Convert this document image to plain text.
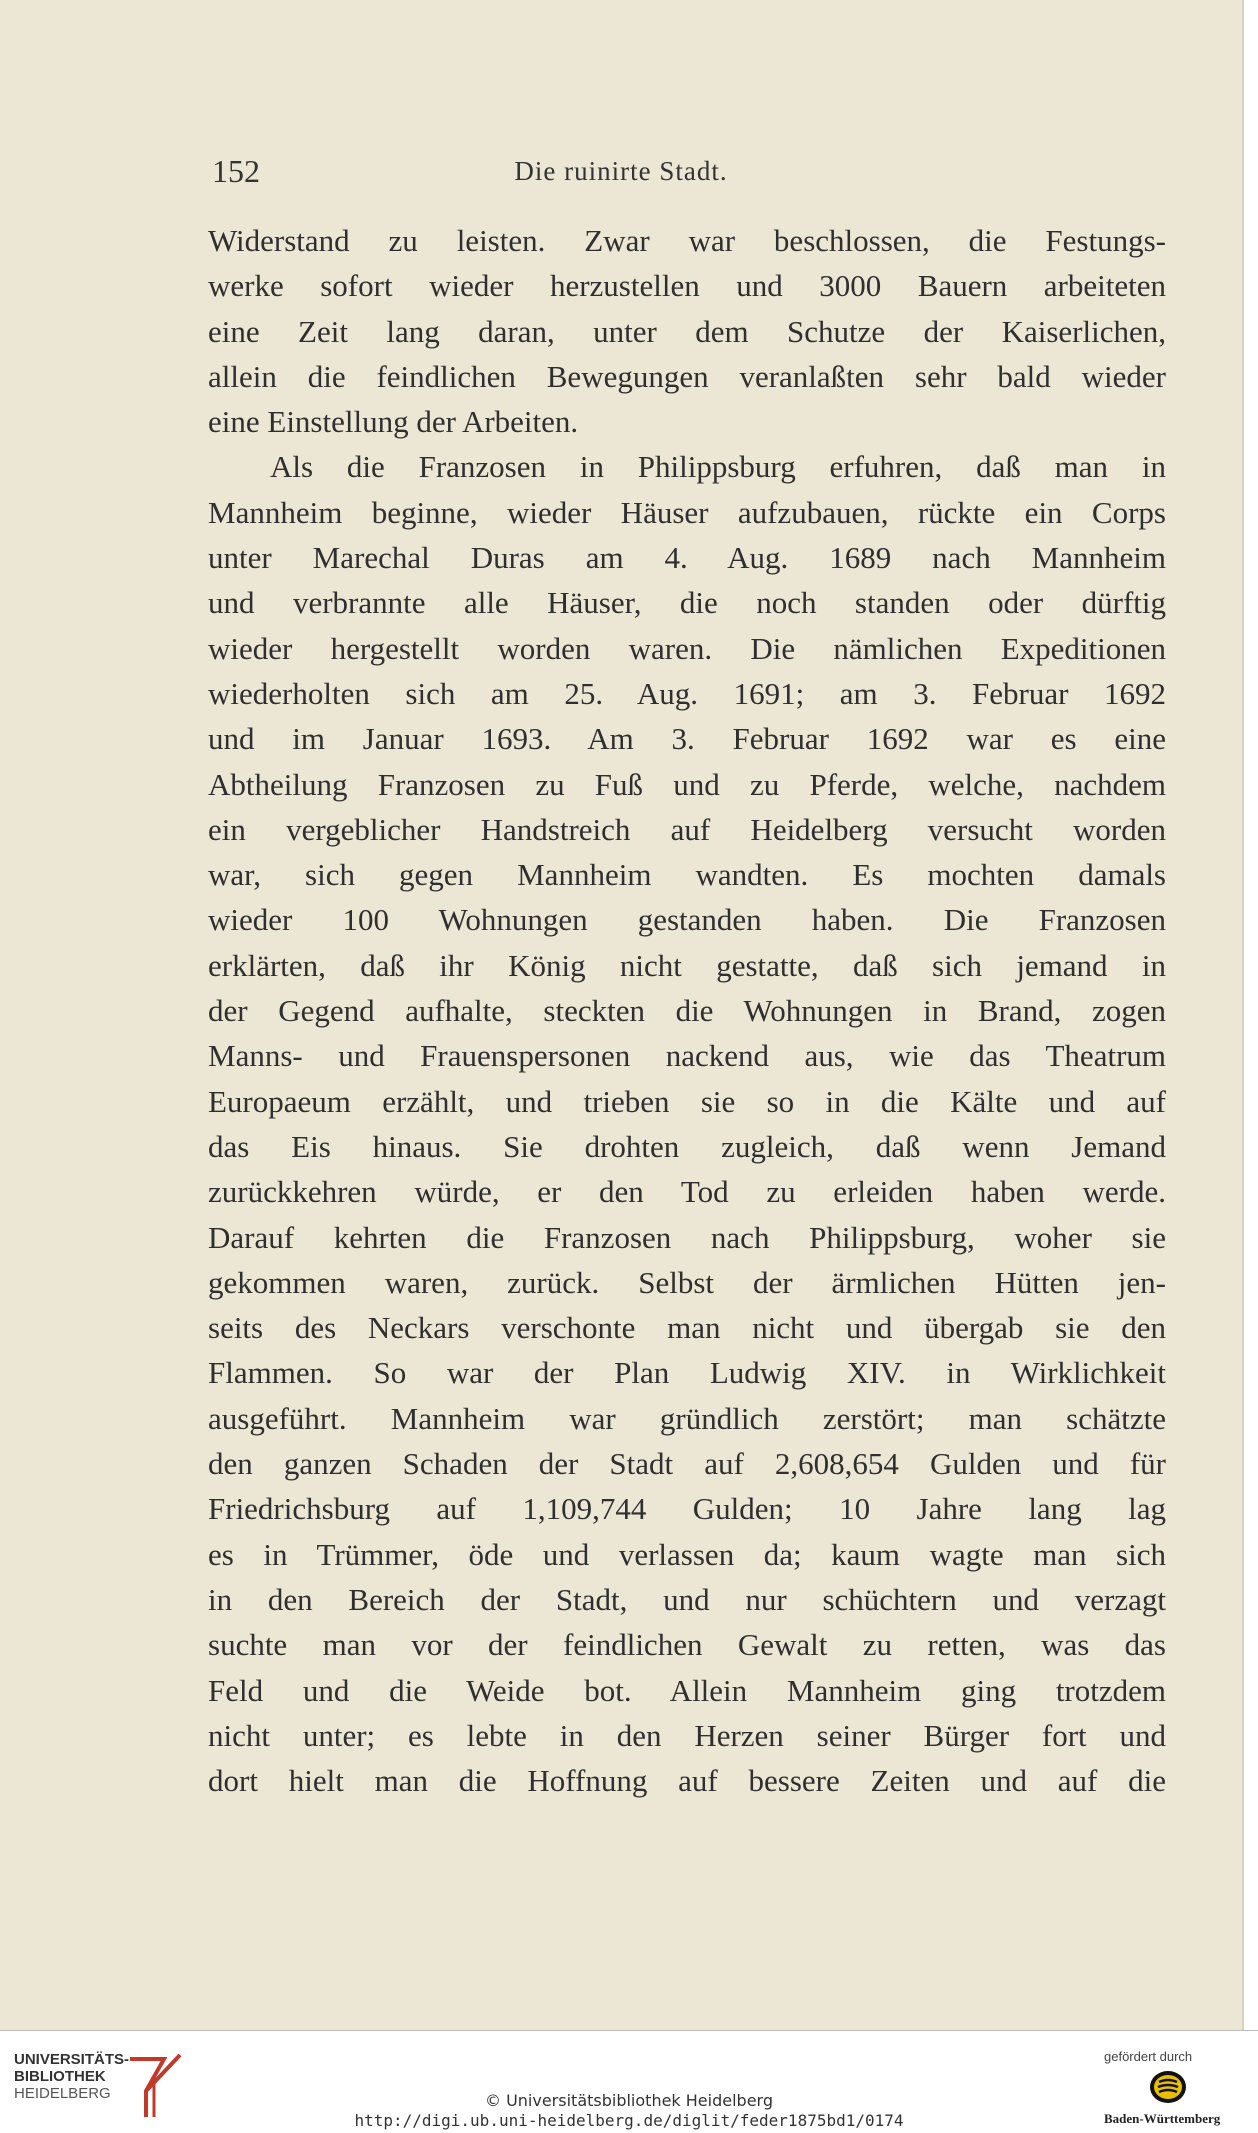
152	Die ruinirte Stadt.
Widerstand zu leisten. Zwar war beschlossen, die Festungs-
werke sofort wieder herzustellen und 3000 Bauern arbeiteten
eine Zeit lang daran, unter dem Schutze der Kaiserlichen,
allein die feindlichen Bewegungen veranlaßten sehr bald wieder
eine Einstellung der Arbeiten.
Als die Franzosen in Philippsburg erfuhren, daß man in
Mannheim beginne, wieder Häuser aufzubauen, rückte ein Corps
unter Marechal Duras am 4. Aug. 1689 nach Mannheim
und verbrannte alle Häuser, die noch standen oder dürftig
wieder hergestellt worden waren. Die nämlichen Expeditionen
wiederholten sich am 25. Aug. 1691; am 3. Februar 1692
und im Januar 1693. Am 3. Februar 1692 war es eine
Abtheilung Franzosen zu Fuß und zu Pferde, welche, nachdem
ein vergeblicher Handstreich auf Heidelberg versucht worden
war, sich gegen Mannheim wandten. Es mochten damals
wieder 100 Wohnungen gestanden haben. Die Franzosen
erklärten, daß ihr König nicht gestatte, daß sich jemand in
der Gegend aufhalte, steckten die Wohnungen in Brand, zogen
Manns- und Frauenspersonen nackend aus, wie das Theatrum
Europaeum erzählt, und trieben sie so in die Kälte und auf
das Eis hinaus. Sie drohten zugleich, daß wenn Jemand
zurückkehren würde, er den Tod zu erleiden haben werde.
Darauf kehrten die Franzosen nach Philippsburg, woher sie
gekommen waren, zurück. Selbst der ärmlichen Hütten jen-
seits des Neckars verschonte man nicht und übergab sie den
Flammen. So war der Plan Ludwig XIV. in Wirklichkeit
ausgeführt. Mannheim war gründlich zerstört; man schätzte
den ganzen Schaden der Stadt auf 2,608,654 Gulden und für
Friedrichsburg auf 1,109,744 Gulden; 10 Jahre lang lag
es in Trümmer, öde und verlassen da; kaum wagte man sich
in den Bereich der Stadt, und nur schüchtern und verzagt
suchte man vor der feindlichen Gewalt zu retten, was das
Feld und die Weide bot. Allein Mannheim ging trotzdem
nicht unter; es lebte in den Herzen seiner Bürger fort und
dort hielt man die Hoffnung auf bessere Zeiten und auf die
UNIVERSITÄTS-
BIBLIOTHEK
HEIDELBERG	© Universitätsbibliothek Heidelberg
http://digi.ub.uni-heidelberg.de/diglit/feder1875bd1/0174
gefördert durch
Baden-Württemberg
